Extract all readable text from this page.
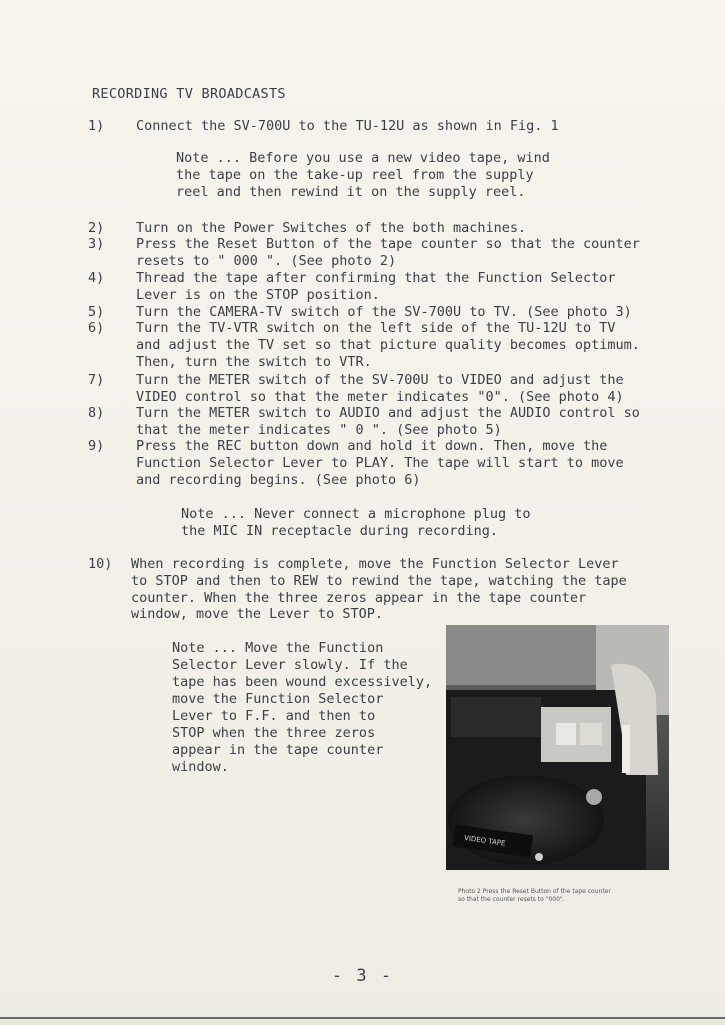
RECORDING TV BROADCASTS
1)	Connect the SV-700U to the TU-12U as shown in Fig. 1
Note ... Before you use a new video tape, wind
the tape on the take-up reel from the supply
reel and then rewind it on the supply reel.
2)	Turn on the Power Switches of the both machines.
3)	Press the Reset Button of the tape counter so that the counter
resets to " 000 ". (See photo 2)
4)	Thread the tape after confirming that the Function Selector
Lever is on the STOP position.
5)	Turn the CAMERA-TV switch of the SV-700U to TV. (See photo 3)
6)	Turn the TV-VTR switch on the left side of the TU-12U to TV
and adjust the TV set so that picture quality becomes optimum.
Then, turn the switch to VTR.
7)	Turn the METER switch of the SV-700U to VIDEO and adjust the
VIDEO control so that the meter indicates "0". (See photo 4)
8)	Turn the METER switch to AUDIO and adjust the AUDIO control so
that the meter indicates " 0 ". (See photo 5)
9)	Press the REC button down and hold it down. Then, move the
Function Selector Lever to PLAY. The tape will start to move
and recording begins. (See photo 6)
Note ... Never connect a microphone plug to
the MIC IN receptacle during recording.
10)	When recording is complete, move the Function Selector Lever
to STOP and then to REW to rewind the tape, watching the tape
counter. When the three zeros appear in the tape counter
window, move the Lever to STOP.
Note ... Move the Function
Selector Lever slowly. If the
tape has been wound excessively,
move the Function Selector
Lever to F.F. and then to
STOP when the three zeros
appear in the tape counter
window.
VIDEO TAPE
Photo 2 Press the Reset Button of the tape counter
so that the counter resets to "000".
- 3 -
